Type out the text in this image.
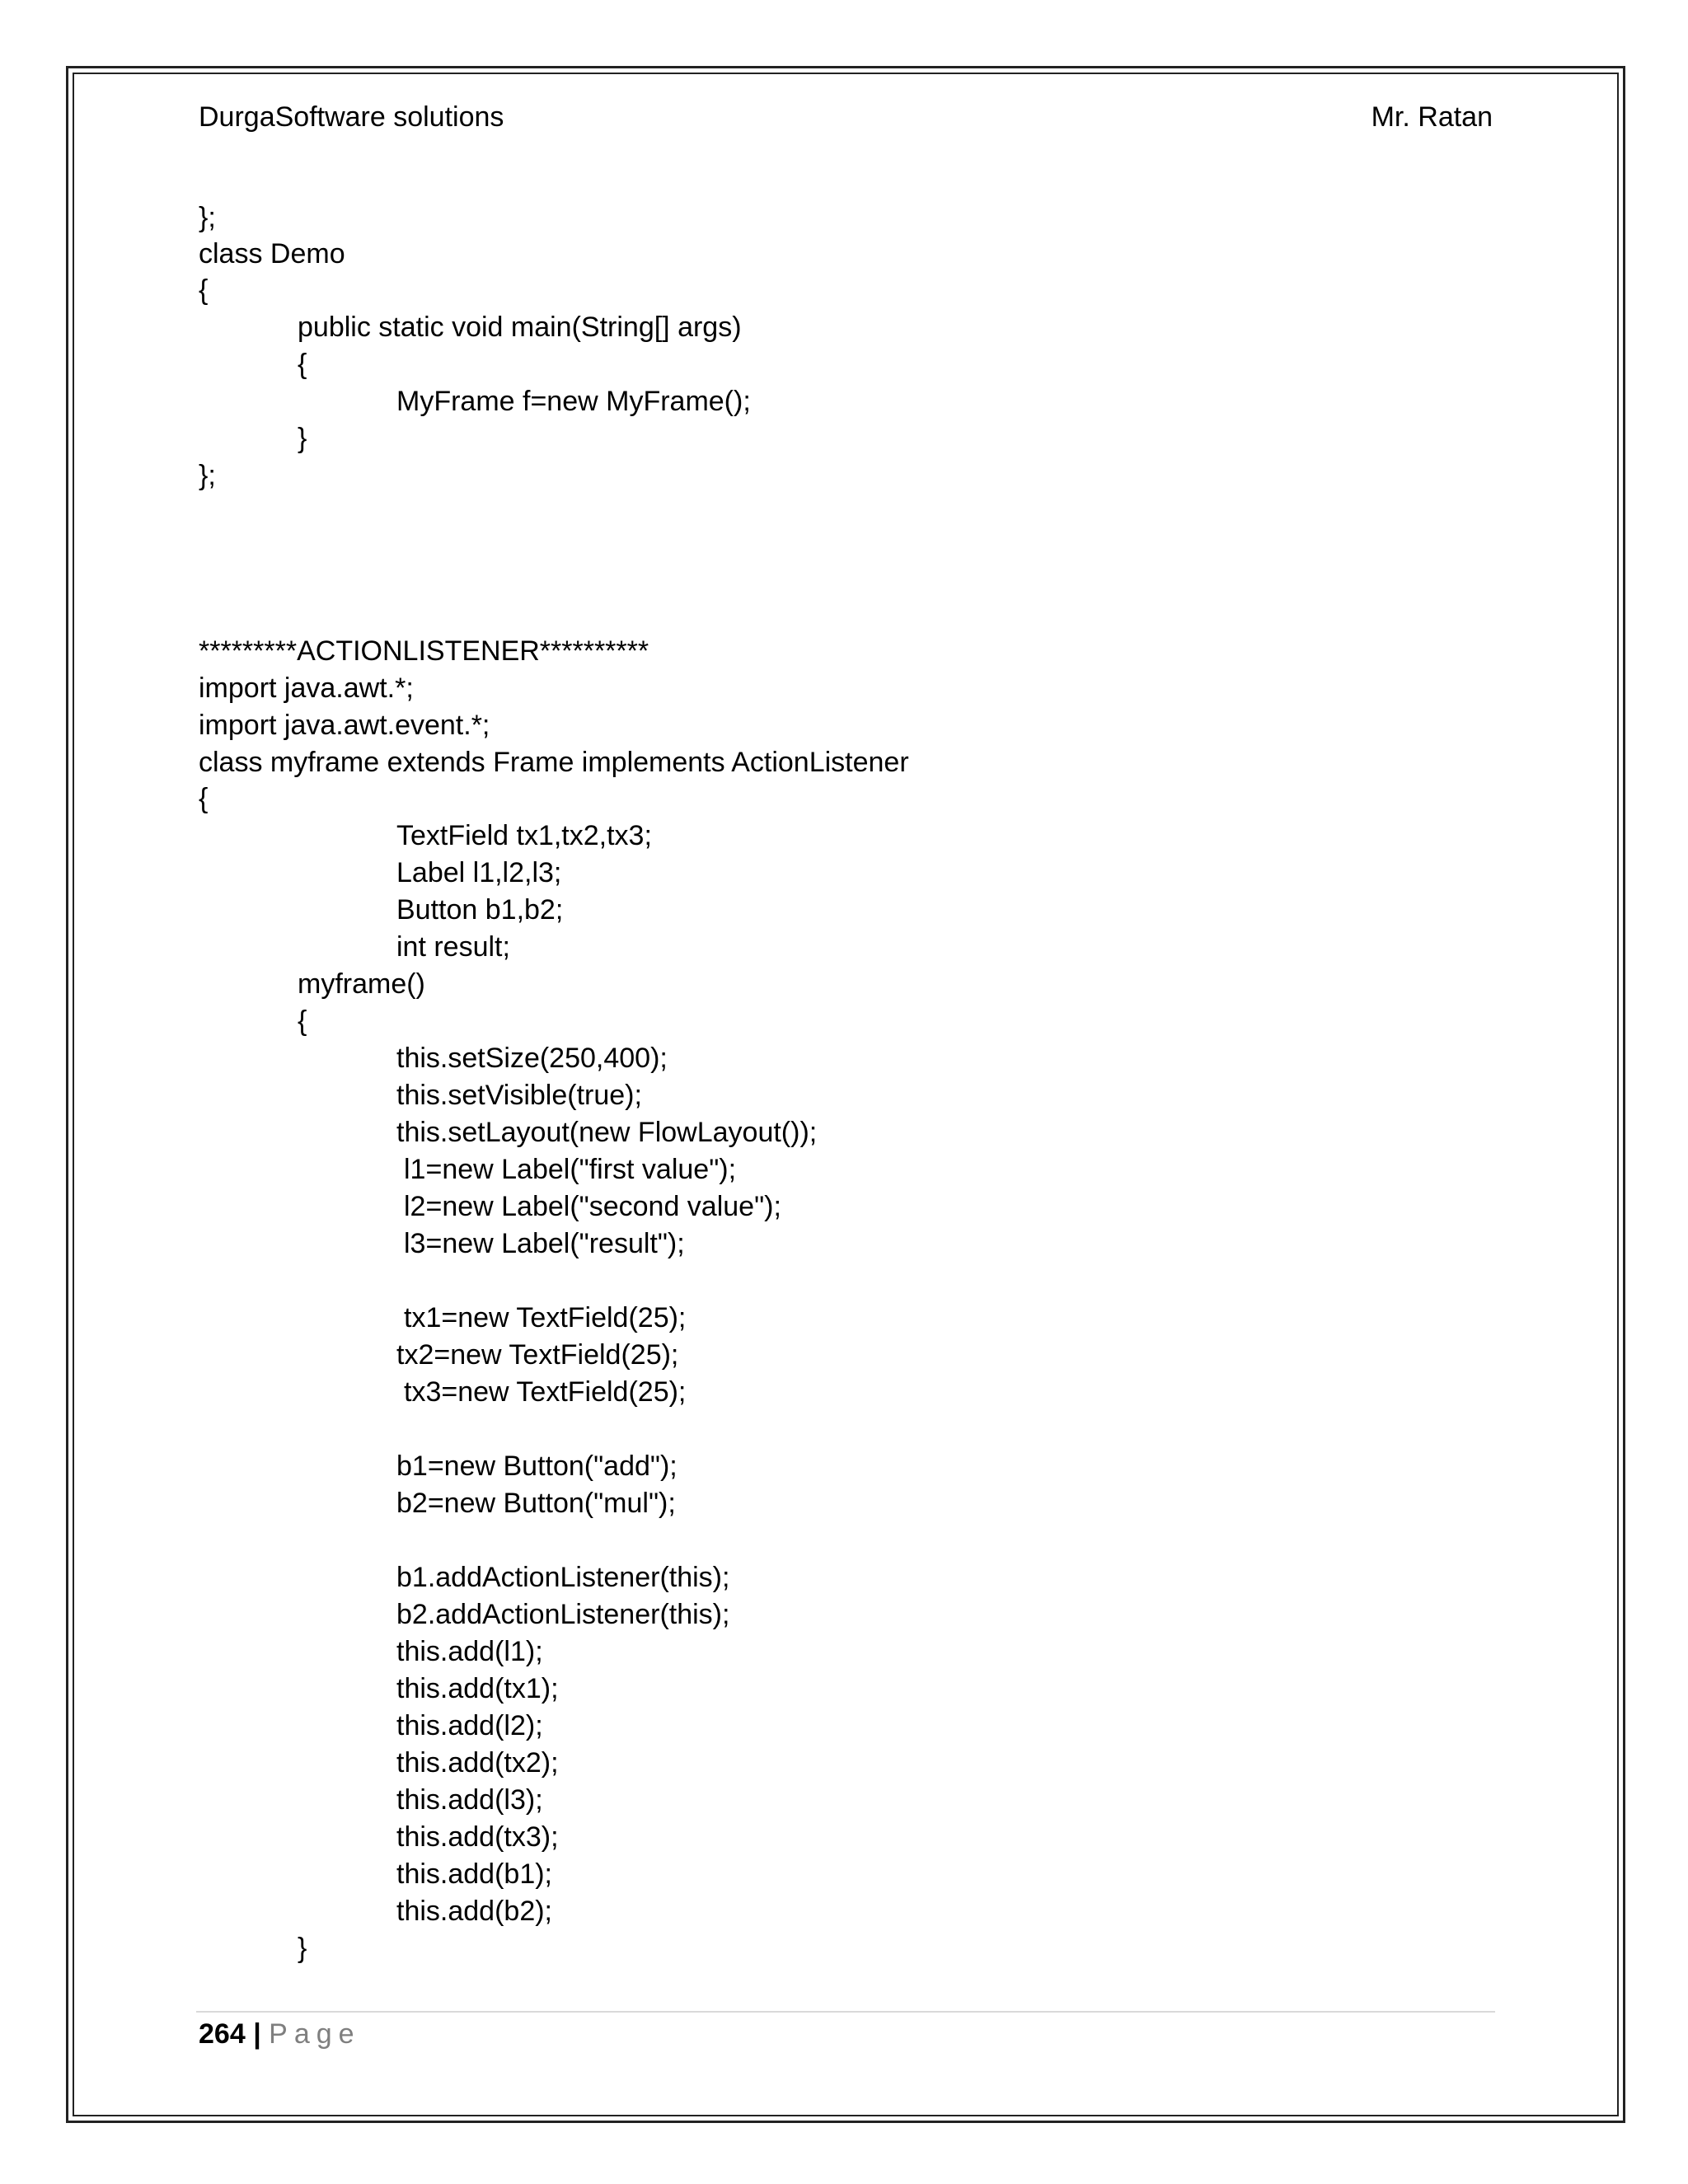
DurgaSoftware solutions	Mr. Ratan
};
class Demo
{
public static void main(String[] args)
{
MyFrame f=new MyFrame();
}
};
*********ACTIONLISTENER**********
import java.awt.*;
import java.awt.event.*;
class myframe extends Frame implements ActionListener
{
TextField tx1,tx2,tx3;
Label l1,l2,l3;
Button b1,b2;
int result;
myframe()
{
this.setSize(250,400);
this.setVisible(true);
this.setLayout(new FlowLayout());
l1=new Label("first value");
l2=new Label("second value");
l3=new Label("result");
tx1=new TextField(25);
tx2=new TextField(25);
tx3=new TextField(25);
b1=new Button("add");
b2=new Button("mul");
b1.addActionListener(this);
b2.addActionListener(this);
this.add(l1);
this.add(tx1);
this.add(l2);
this.add(tx2);
this.add(l3);
this.add(tx3);
this.add(b1);
this.add(b2);
}
264 | Page
